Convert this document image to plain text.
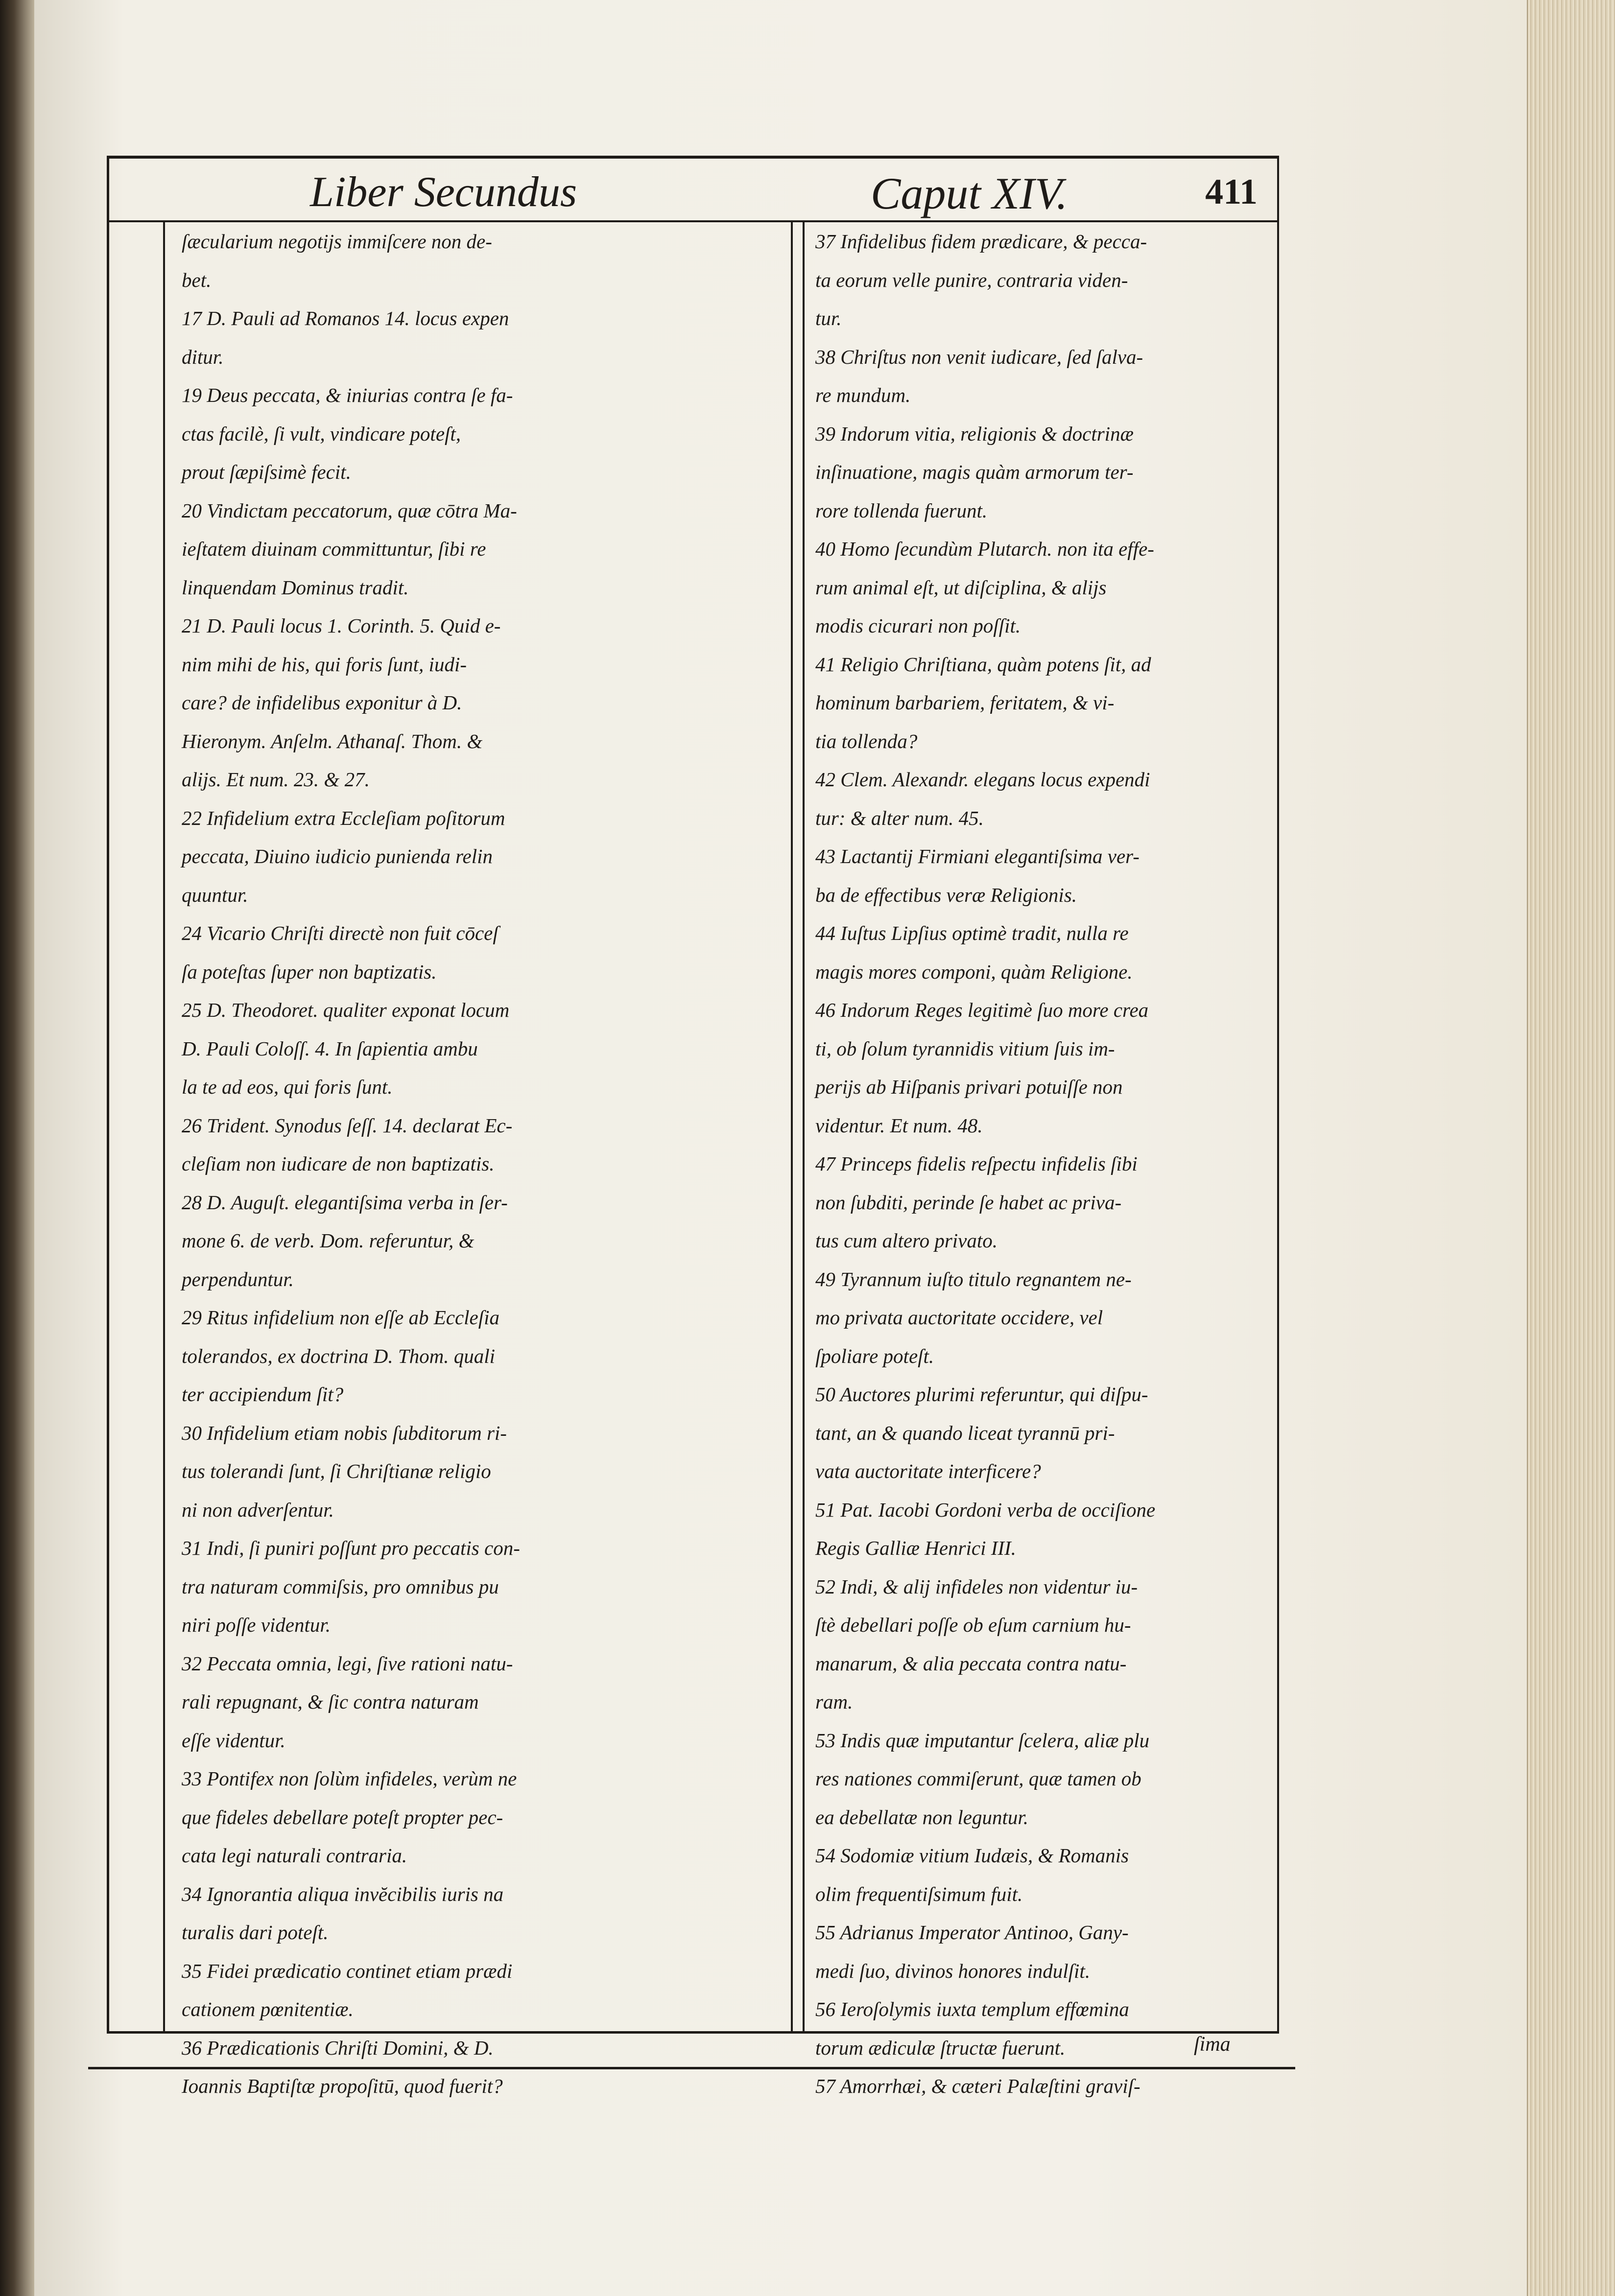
Liber Secundus	Caput XIV.	411
ſæcularium negotijs immiſcere non de-
bet.
17 D. Pauli ad Romanos 14. locus expen
ditur.
19 Deus peccata, & iniurias contra ſe fa-
ctas facilè, ſi vult, vindicare poteſt,
prout ſæpiſsimè fecit.
20 Vindictam peccatorum, quæ cōtra Ma-
ieſtatem diuinam committuntur, ſibi re
linquendam Dominus tradit.
21 D. Pauli locus 1. Corinth. 5. Quid e-
nim mihi de his, qui foris ſunt, iudi-
care? de infidelibus exponitur à D.
Hieronym. Anſelm. Athanaſ. Thom. &
alijs. Et num. 23. & 27.
22 Infidelium extra Eccleſiam poſitorum
peccata, Diuino iudicio punienda relin
quuntur.
24 Vicario Chriſti directè non fuit cōceſ
ſa poteſtas ſuper non baptizatis.
25 D. Theodoret. qualiter exponat locum
D. Pauli Coloſſ. 4. In ſapientia ambu
la te ad eos, qui foris ſunt.
26 Trident. Synodus ſeſſ. 14. declarat Ec-
cleſiam non iudicare de non baptizatis.
28 D. Auguſt. elegantiſsima verba in ſer-
mone 6. de verb. Dom. referuntur, &
perpenduntur.
29 Ritus infidelium non eſſe ab Eccleſia
tolerandos, ex doctrina D. Thom. quali
ter accipiendum ſit?
30 Infidelium etiam nobis ſubditorum ri-
tus tolerandi ſunt, ſi Chriſtianæ religio
ni non adverſentur.
31 Indi, ſi puniri poſſunt pro peccatis con-
tra naturam commiſsis, pro omnibus pu
niri poſſe videntur.
32 Peccata omnia, legi, ſive rationi natu-
rali repugnant, & ſic contra naturam
eſſe videntur.
33 Pontifex non ſolùm infideles, verùm ne
que fideles debellare poteſt propter pec-
cata legi naturali contraria.
34 Ignorantia aliqua invĕcibilis iuris na
turalis dari poteſt.
35 Fidei prædicatio continet etiam prædi
cationem pœnitentiæ.
36 Prædicationis Chriſti Domini, & D.
Ioannis Baptiſtæ propoſitū, quod fuerit?
37 Infidelibus fidem prædicare, & pecca-
ta eorum velle punire, contraria viden-
tur.
38 Chriſtus non venit iudicare, ſed ſalva-
re mundum.
39 Indorum vitia, religionis & doctrinæ
inſinuatione, magis quàm armorum ter-
rore tollenda fuerunt.
40 Homo ſecundùm Plutarch. non ita effe-
rum animal eſt, ut diſciplina, & alijs
modis cicurari non poſſit.
41 Religio Chriſtiana, quàm potens ſit, ad
hominum barbariem, feritatem, & vi-
tia tollenda?
42 Clem. Alexandr. elegans locus expendi
tur: & alter num. 45.
43 Lactantij Firmiani elegantiſsima ver-
ba de effectibus veræ Religionis.
44 Iuſtus Lipſius optimè tradit, nulla re
magis mores componi, quàm Religione.
46 Indorum Reges legitimè ſuo more crea
ti, ob ſolum tyrannidis vitium ſuis im-
perijs ab Hiſpanis privari potuiſſe non
videntur. Et num. 48.
47 Princeps fidelis reſpectu infidelis ſibi
non ſubditi, perinde ſe habet ac priva-
tus cum altero privato.
49 Tyrannum iuſto titulo regnantem ne-
mo privata auctoritate occidere, vel
ſpoliare poteſt.
50 Auctores plurimi referuntur, qui diſpu-
tant, an & quando liceat tyrannū pri-
vata auctoritate interficere?
51 Pat. Iacobi Gordoni verba de occiſione
Regis Galliæ Henrici III.
52 Indi, & alij infideles non videntur iu-
ſtè debellari poſſe ob eſum carnium hu-
manarum, & alia peccata contra natu-
ram.
53 Indis quæ imputantur ſcelera, aliæ plu
res nationes commiſerunt, quæ tamen ob
ea debellatæ non leguntur.
54 Sodomiæ vitium Iudæis, & Romanis
olim frequentiſsimum fuit.
55 Adrianus Imperator Antinoo, Gany-
medi ſuo, divinos honores indulſit.
56 Ieroſolymis iuxta templum effœmina
torum ædiculæ ſtructæ fuerunt.
57 Amorrhæi, & cæteri Palæſtini graviſ-
ſima
